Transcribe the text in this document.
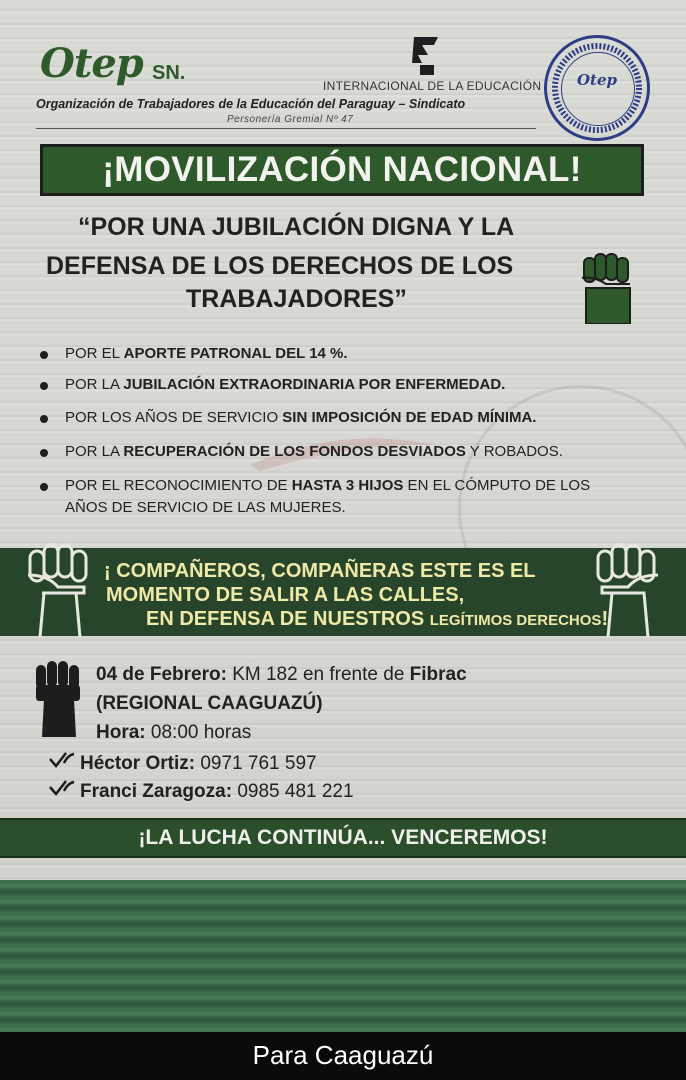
Otep SN.
Organización de Trabajadores de la Educación del Paraguay – Sindicato
Personería Gremial Nº 47
INTERNACIONAL DE LA EDUCACIÓN	Otep
¡MOVILIZACIÓN NACIONAL!
“POR UNA JUBILACIÓN DIGNA Y LA
DEFENSA DE LOS DERECHOS DE LOS
TRABAJADORES”
POR EL APORTE PATRONAL DEL 14 %.
POR LA JUBILACIÓN EXTRAORDINARIA POR ENFERMEDAD.
POR LOS AÑOS DE SERVICIO SIN IMPOSICIÓN DE EDAD MÍNIMA.
POR LA RECUPERACIÓN DE LOS FONDOS DESVIADOS Y ROBADOS.
POR EL RECONOCIMIENTO DE HASTA 3 HIJOS EN EL CÓMPUTO DE LOS
AÑOS DE SERVICIO DE LAS MUJERES.
¡ COMPAÑEROS, COMPAÑERAS ESTE ES EL
MOMENTO DE SALIR A LAS CALLES,
EN DEFENSA DE NUESTROS LEGÍTIMOS DERECHOS!
04 de Febrero: KM 182 en frente de Fibrac
(REGIONAL CAAGUAZÚ)
Hora: 08:00 horas
Héctor Ortiz: 0971 761 597
Franci Zaragoza: 0985 481 221
¡LA LUCHA CONTINÚA... VENCEREMOS!
Para Caaguazú
